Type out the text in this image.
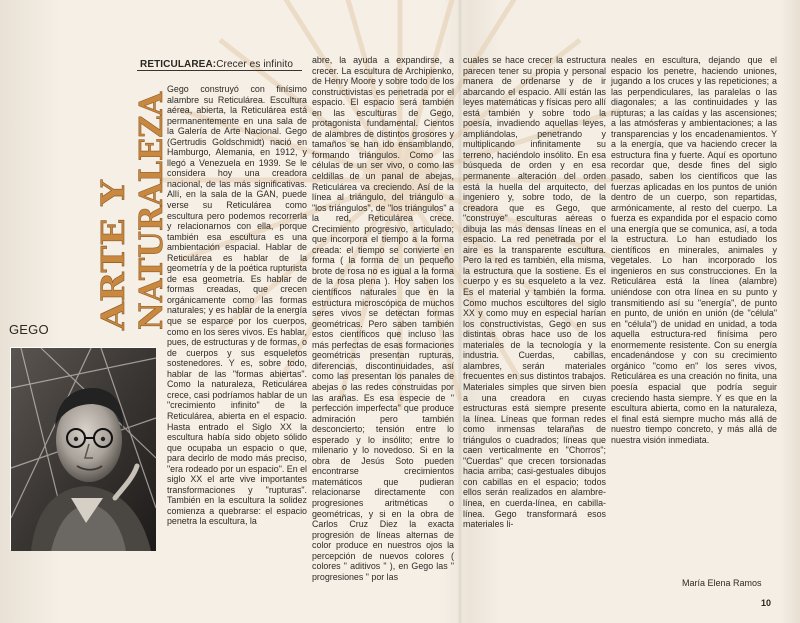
RETICULAREA:Crecer es infinito
ARTE Y NATURALEZA
GEGO

Gego construyó con finísimo alambre su Reticulárea. Escultura aérea, abierta, la Reticulárea está permanentemente en una sala de la Galería de Arte Nacional. Gego (Gertrudis Goldschmidt) nació en Hamburgo, Alemania, en 1912, y llegó a Venezuela en 1939. Se le considera hoy una creadora nacional, de las más significativas. Allí, en la sala de la GAN, puede verse su Reticulárea como escultura pero podemos recorrerla y relacionarnos con ella, porque también esa escultura es una ambientación espacial. Hablar de Reticulárea es hablar de la geometría y de la poética rupturista de esa geometría. Es hablar de formas creadas, que crecen orgánicamente como las formas naturales; y es hablar de la energía que se esparce por los cuerpos, como en los seres vivos. Es hablar, pues, de estructuras y de formas, o de cuerpos y sus esqueletos sostenedores. Y es, sobre todo, hablar de las "formas abiertas". Como la naturaleza, Reticulárea crece, casi podríamos hablar de un "crecimiento infinito" de la Reticulárea, abierta en el espacio. Hasta entrado el Siglo XX la escultura había sido objeto sólido que ocupaba un espacio o que, para decirlo de modo más preciso, "era rodeado por un espacio". En el siglo XX el arte vive importantes transformaciones y "rupturas". También en la escultura la solidez comienza a quebrarse: el espacio penetra la escultura, la

abre, la ayuda a expandirse, a crecer. La escultura de Archipienko, de Henry Moore y sobre todo de los constructivistas es penetrada por el espacio. El espacio será también en las esculturas de Gego, protagonista fundamental. Cientos de alambres de distintos grosores y tamaños se han ido ensamblando, formando triángulos. Como las células de un ser vivo, o como las celdillas de un panal de abejas, Reticulárea va creciendo. Así de la línea al triángulo, del triángulo a "los triángulos", de "los triángulos" a la red, Reticulárea crece. Crecimiento progresivo, articulado; que incorpora el tiempo a la forma creada: el tiempo se convierte en forma ( la forma de un pequeño brote de rosa no es igual a la forma de la rosa plena ). Hoy saben los científicos naturales que en la estructura microscópica de muchos seres vivos se detectan formas geométricas. Pero saben también estos científicos que incluso las más perfectas de esas formaciones geométricas presentan rupturas, diferencias, discontinuidades, así como las presentan los panales de abejas o las redes construidas por las arañas. Es esa especie de " perfección imperfecta" que produce admiración pero también desconcierto; tensión entre lo esperado y lo insólito; entre lo milenario y lo novedoso. Si en la obra de Jesús Soto pueden encontrarse crecimientos matemáticos que pudieran relacionarse directamente con progresiones aritméticas o geométricas, y si en la obra de Carlos Cruz Diez la exacta progresión de líneas alternas de color produce en nuestros ojos la percepción de nuevos colores ( colores " aditivos " ), en Gego las " progresiones " por las

cuales se hace crecer la estructura parecen tener su propia y personal manera de ordenarse y de ir abarcando el espacio. Allí están las leyes matemáticas y físicas pero allí está también y sobre todo la poesía, invadiendo aquellas leyes, ampliándolas, penetrando y multiplicando infinitamente su terreno, haciéndolo insólito. En esa búsqueda de orden y en esa permanente alteración del orden está la huella del arquitecto, del ingeniero y, sobre todo, de la creadora que es Gego, que "construye" esculturas aéreas o dibuja las más densas líneas en el espacio. La red penetrada por el aire es la transparente escultura. Pero la red es también, ella misma, la estructura que la sostiene. Es el cuerpo y es su esqueleto a la vez. Es el material y también la forma. Como muchos escultores del siglo XX y como muy en especial harían los constructivistas, Gego en sus distintas obras hace uso de los materiales de la tecnología y la industria. Cuerdas, cabillas, alambres, serán materiales frecuentes en sus distintos trabajos. Materiales simples que sirven bien a una creadora en cuyas estructuras está siempre presente la línea. Líneas que forman redes como inmensas telarañas de triángulos o cuadrados; líneas que caen verticalmente en "Chorros"; "Cuerdas" que crecen torsionadas hacia arriba; casi-gestuales dibujos con cabillas en el espacio; todos ellos serán realizados en alambre-línea, en cuerda-línea, en cabilla-línea. Gego transformará esos materiales li-

neales en escultura, dejando que el espacio los penetre, haciendo uniones, jugando a los cruces y las repeticiones; a las perpendiculares, las paralelas o las diagonales; a las continuidades y las rupturas; a las caídas y las ascensiones; a las atmósferas y ambientaciones; a las transparencias y los encadenamientos. Y a la energía, que va haciendo crecer la estructura fina y fuerte. Aquí es oportuno recordar que, desde fines del siglo pasado, saben los científicos que las fuerzas aplicadas en los puntos de unión dentro de un cuerpo, son repartidas, armónicamente, al resto del cuerpo. La fuerza es expandida por el espacio como una energía que se comunica, así, a toda la estructura. Lo han estudiado los científicos en minerales, animales y vegetales. Lo han incorporado los ingenieros en sus construcciones. En la Reticulárea está la línea (alambre) uniéndose con otra línea en su punto y transmitiendo así su "energía", de punto en punto, de unión en unión (de "célula" en "célula") de unidad en unidad, a toda aquella estructura-red finísima pero enormemente resistente. Con su energía encadenándose y con su crecimiento orgánico "como en" los seres vivos, Reticulárea es una creación no finita, una poesía espacial que podría seguir creciendo hasta siempre. Y es que en la escultura abierta, como en la naturaleza, el final está siempre mucho más allá de nuestro tiempo concreto, y más allá de nuestra visión inmediata.

María Elena Ramos
10
